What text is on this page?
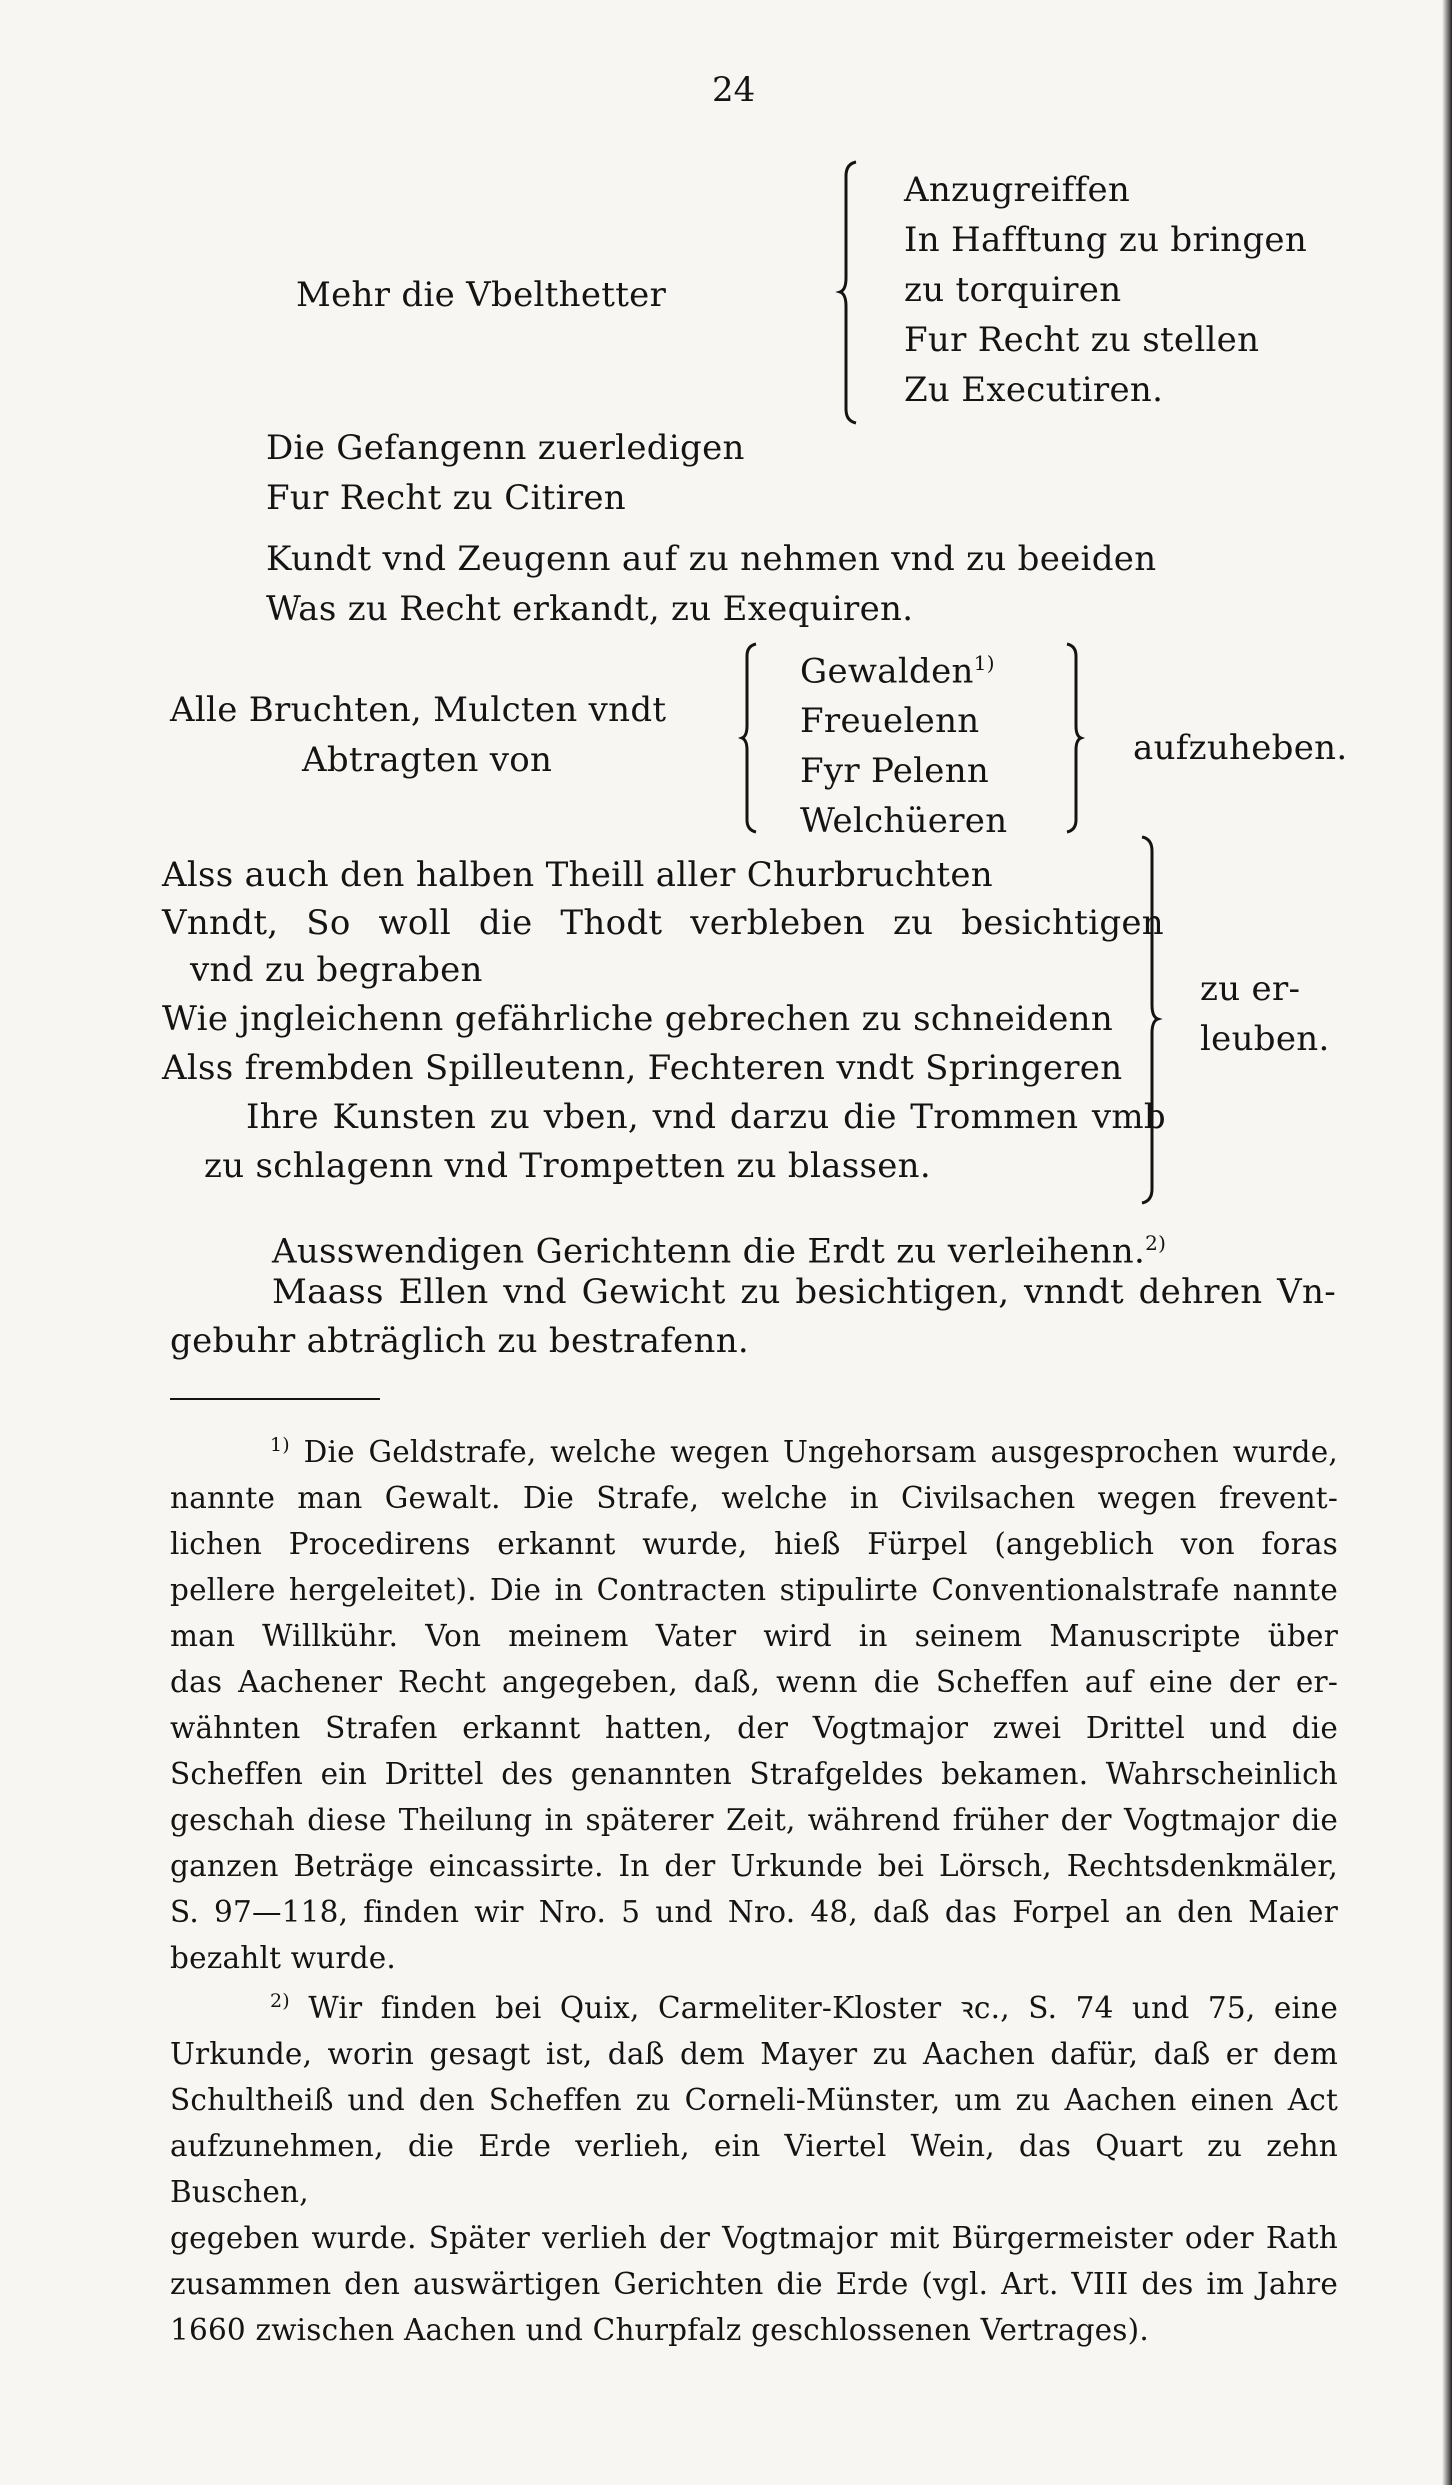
24
Mehr die Vbelthetter
Anzugreiffen
In Hafftung zu bringen
zu torquiren
Fur Recht zu stellen
Zu Executiren.
Die Gefangenn zuerledigen
Fur Recht zu Citiren
Kundt vnd Zeugenn auf zu nehmen vnd zu beeiden
Was zu Recht erkandt, zu Exequiren.
Alle Bruchten, Mulcten vndt
Abtragten von
Gewalden$^{1)}$
Freuelenn
Fyr Pelenn
Welchüeren
aufzuheben.
Alss auch den halben Theill aller Churbruchten
Vnndt, So woll die Thodt verbleben zu besichtigen
vnd zu begraben
Wie jngleichenn gefährliche gebrechen zu schneidenn
Alss frembden Spilleutenn, Fechteren vndt Springeren
Ihre Kunsten zu vben, vnd darzu die Trommen vmb
zu schlagenn vnd Trompetten zu blassen.
zu er-
leuben.
Ausswendigen Gerichtenn die Erdt zu verleihenn.$^{2)}$
Maass Ellen vnd Gewicht zu besichtigen, vnndt dehren Vn-
gebuhr abträglich zu bestrafenn.
$^{1)}$ Die Geldstrafe, welche wegen Ungehorsam ausgesprochen wurde,
nannte man Gewalt. Die Strafe, welche in Civilsachen wegen frevent-
lichen Procedirens erkannt wurde, hieß Fürpel (angeblich von foras
pellere hergeleitet). Die in Contracten stipulirte Conventionalstrafe nannte
man Willkühr. Von meinem Vater wird in seinem Manuscripte über
das Aachener Recht angegeben, daß, wenn die Scheffen auf eine der er-
wähnten Strafen erkannt hatten, der Vogtmajor zwei Drittel und die
Scheffen ein Drittel des genannten Strafgeldes bekamen. Wahrscheinlich
geschah diese Theilung in späterer Zeit, während früher der Vogtmajor die
ganzen Beträge eincassirte. In der Urkunde bei Lörsch, Rechtsdenkmäler,
S. 97—118, finden wir Nro. 5 und Nro. 48, daß das Forpel an den Maier
bezahlt wurde.
$^{2)}$ Wir finden bei Quix, Carmeliter-Kloster ꝛc., S. 74 und 75, eine
Urkunde, worin gesagt ist, daß dem Mayer zu Aachen dafür, daß er dem
Schultheiß und den Scheffen zu Corneli-Münster, um zu Aachen einen Act
aufzunehmen, die Erde verlieh, ein Viertel Wein, das Quart zu zehn Buschen,
gegeben wurde. Später verlieh der Vogtmajor mit Bürgermeister oder Rath
zusammen den auswärtigen Gerichten die Erde (vgl. Art. VIII des im Jahre
1660 zwischen Aachen und Churpfalz geschlossenen Vertrages).
